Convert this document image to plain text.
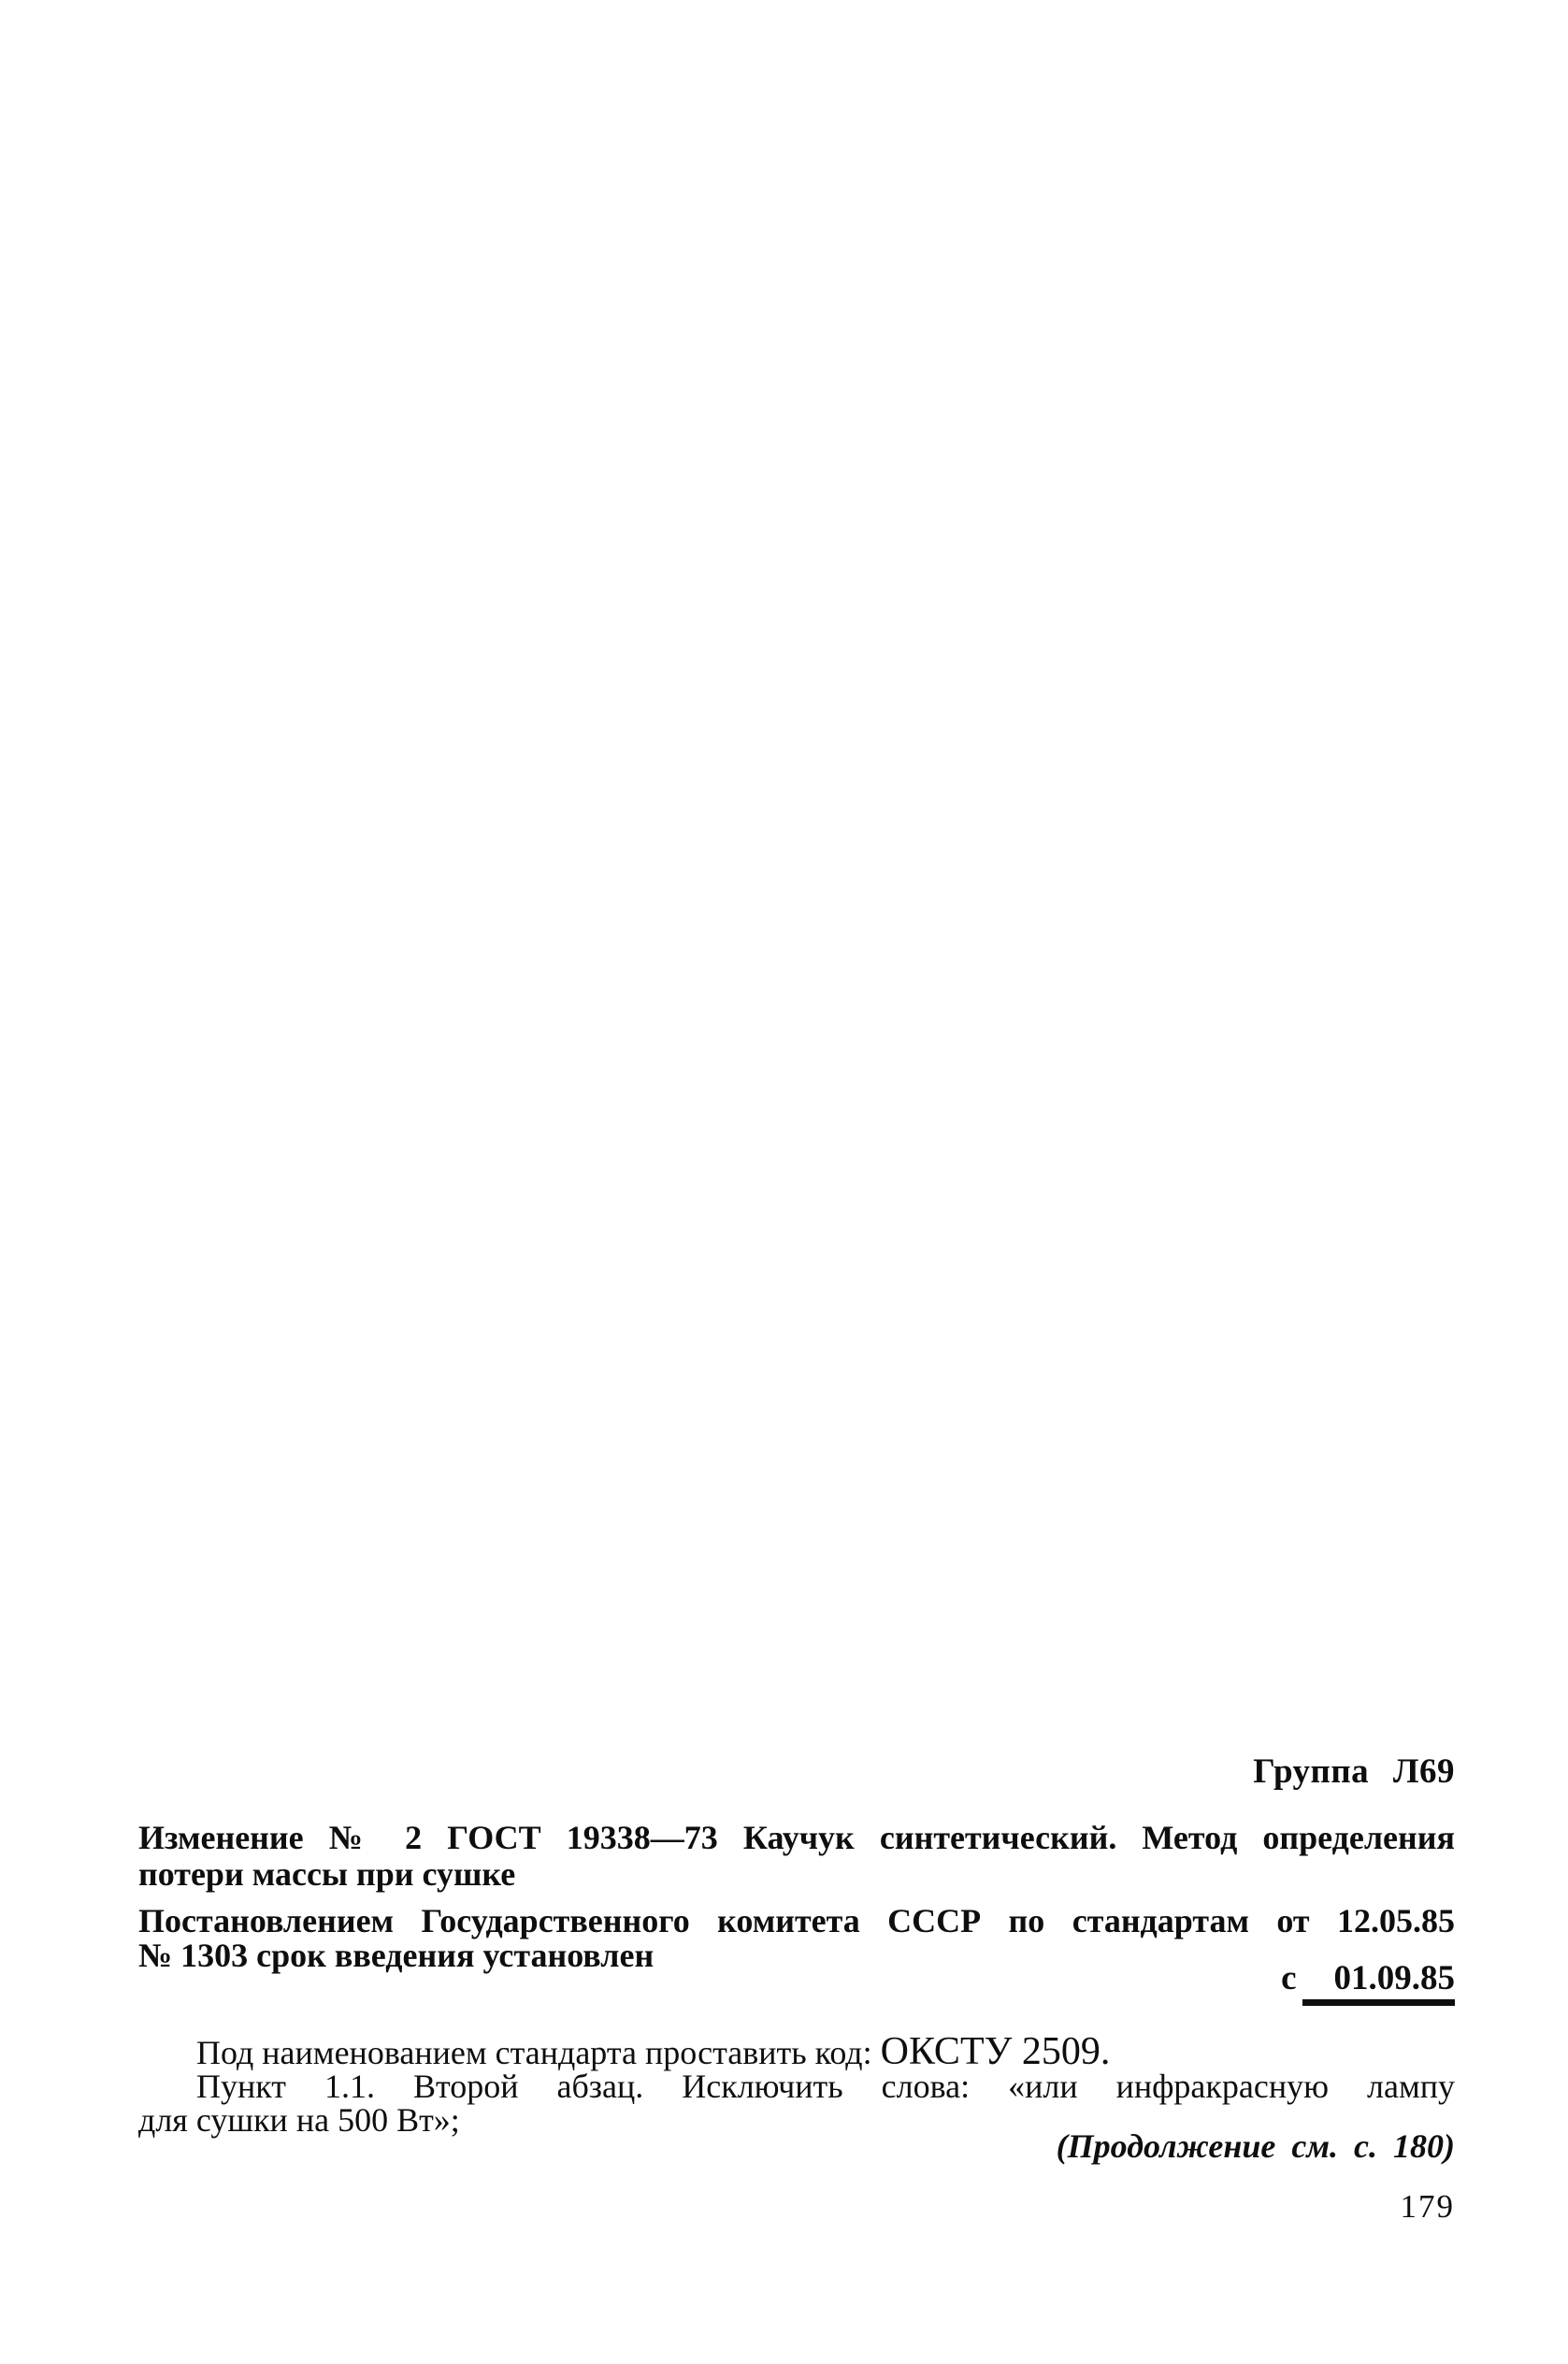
Группа Л69
Изменение № 2 ГОСТ 19338—73 Каучук синтетический. Метод определения
потери массы при сушке
Постановлением Государственного комитета СССР по стандартам от 12.05.85
№ 1303 срок введения установлен
с 01.09.85
Под наименованием стандарта проставить код: ОКСТУ 2509.
Пункт 1.1. Второй абзац. Исключить слова: «или инфракрасную лампу
для сушки на 500 Вт»;
(Продолжение см. с. 180)
179
